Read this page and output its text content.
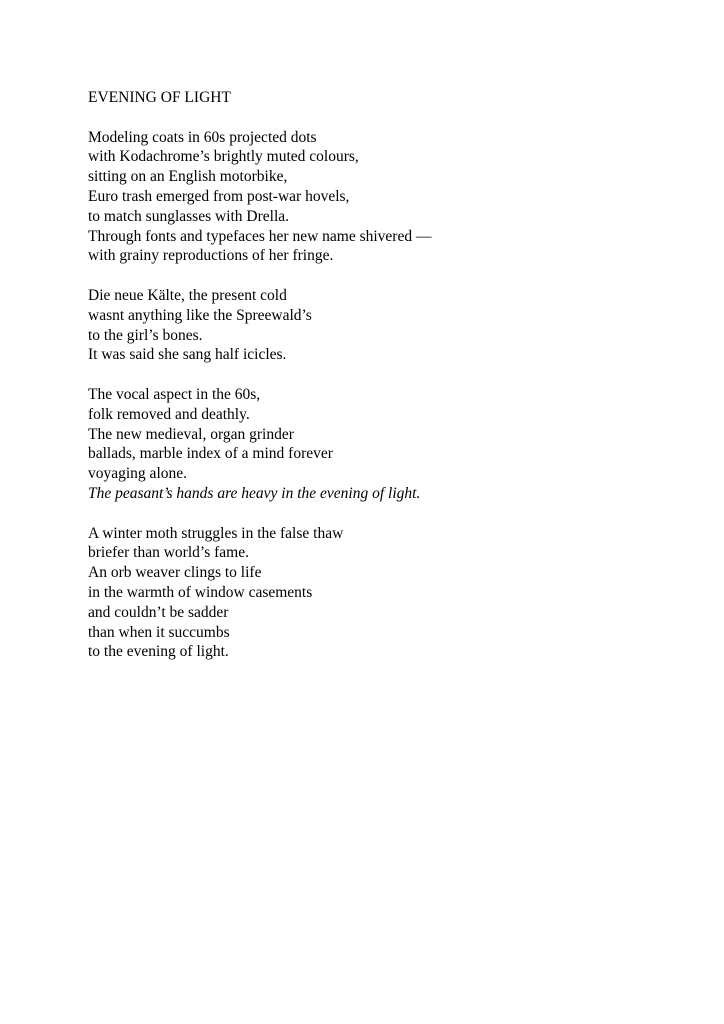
EVENING OF LIGHT
Modeling coats in 60s projected dots
with Kodachrome’s brightly muted colours,
sitting on an English motorbike,
Euro trash emerged from post-war hovels,
to match sunglasses with Drella.
Through fonts and typefaces her new name shivered —
with grainy reproductions of her fringe.
Die neue Kälte, the present cold
wasnt anything like the Spreewald’s
to the girl’s bones.
It was said she sang half icicles.
The vocal aspect in the 60s,
folk removed and deathly.
The new medieval, organ grinder
ballads, marble index of a mind forever
voyaging alone.
The peasant’s hands are heavy in the evening of light.
A winter moth struggles in the false thaw
briefer than world’s fame.
An orb weaver clings to life
in the warmth of window casements
and couldn’t be sadder
than when it succumbs
to the evening of light.
